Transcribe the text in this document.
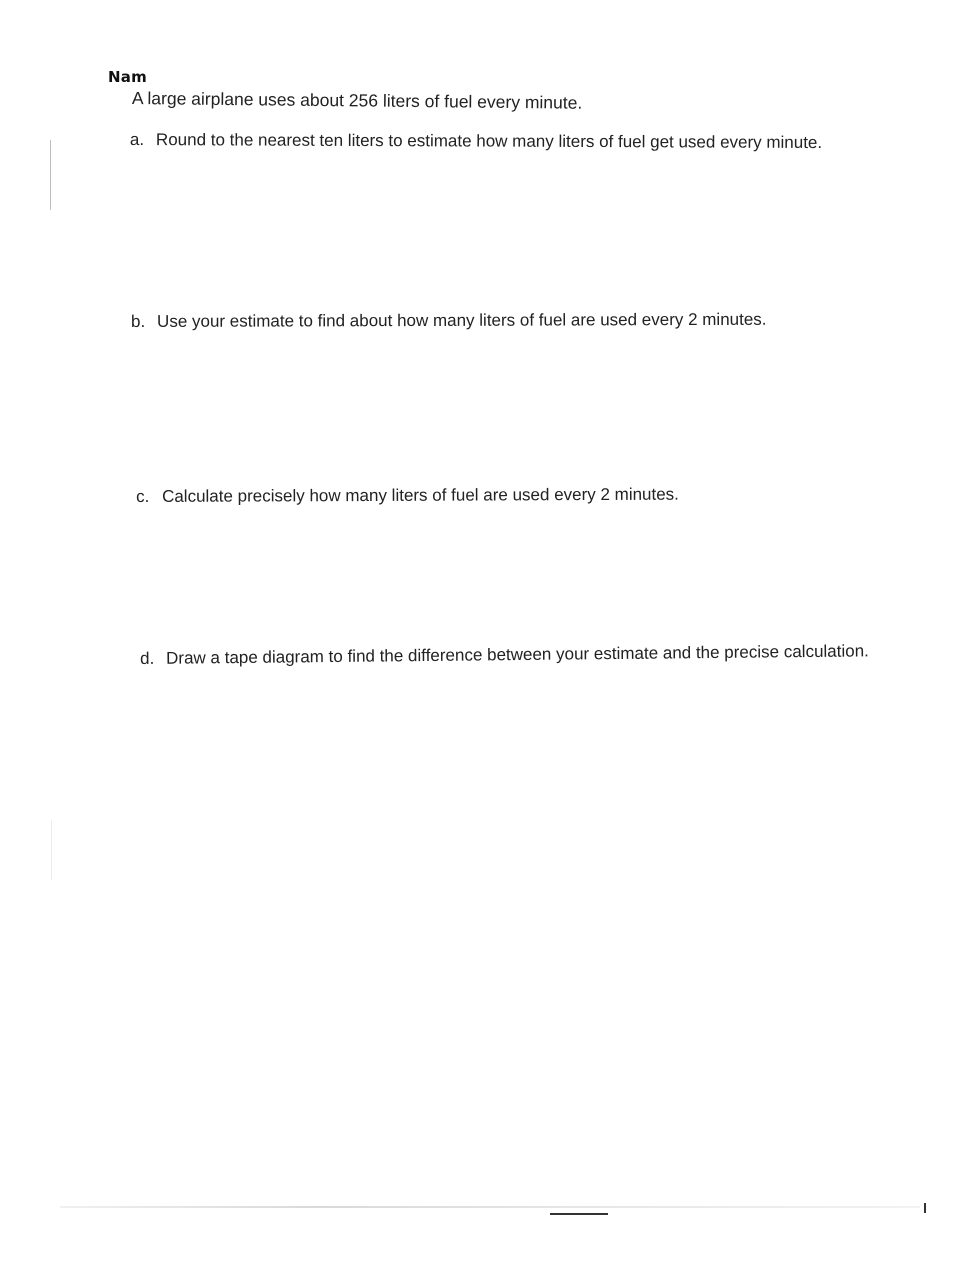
Nam
A large airplane uses about 256 liters of fuel every minute.
a. Round to the nearest ten liters to estimate how many liters of fuel get used every minute.
b. Use your estimate to find about how many liters of fuel are used every 2 minutes.
c. Calculate precisely how many liters of fuel are used every 2 minutes.
d. Draw a tape diagram to find the difference between your estimate and the precise calculation.
